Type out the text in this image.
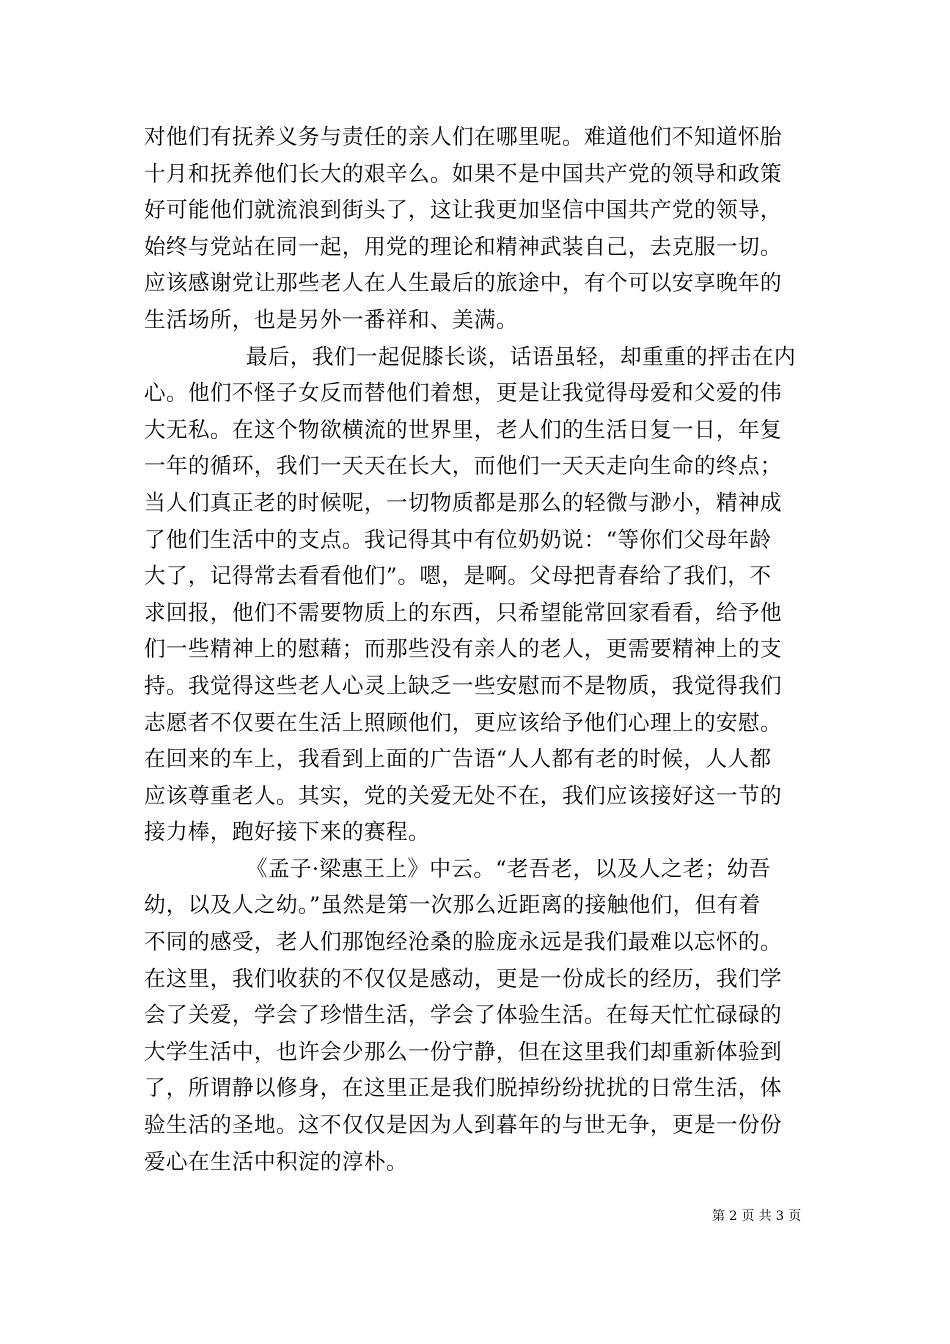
对他们有抚养义务与责任的亲人们在哪里呢。难道他们不知道怀胎
十月和抚养他们长大的艰辛么。如果不是中国共产党的领导和政策
好可能他们就流浪到街头了，这让我更加坚信中国共产党的领导，
始终与党站在同一起，用党的理论和精神武装自己，去克服一切。
应该感谢党让那些老人在人生最后的旅途中，有个可以安享晚年的
生活场所，也是另外一番祥和、美满。

最后，我们一起促膝长谈，话语虽轻，却重重的抨击在内
心。他们不怪子女反而替他们着想，更是让我觉得母爱和父爱的伟
大无私。在这个物欲横流的世界里，老人们的生活日复一日，年复
一年的循环，我们一天天在长大，而他们一天天走向生命的终点；
当人们真正老的时候呢，一切物质都是那么的轻微与渺小，精神成
了他们生活中的支点。我记得其中有位奶奶说：“等你们父母年龄
大了，记得常去看看他们”。嗯，是啊。父母把青春给了我们，不
求回报，他们不需要物质上的东西，只希望能常回家看看，给予他
们一些精神上的慰藉；而那些没有亲人的老人，更需要精神上的支
持。我觉得这些老人心灵上缺乏一些安慰而不是物质，我觉得我们
志愿者不仅要在生活上照顾他们，更应该给予他们心理上的安慰。
在回来的车上，我看到上面的广告语“人人都有老的时候，人人都
应该尊重老人。其实，党的关爱无处不在，我们应该接好这一节的
接力棒，跑好接下来的赛程。

《孟子·梁惠王上》中云。“老吾老，以及人之老；幼吾
幼，以及人之幼。”虽然是第一次那么近距离的接触他们，但有着
不同的感受，老人们那饱经沧桑的脸庞永远是我们最难以忘怀的。
在这里，我们收获的不仅仅是感动，更是一份成长的经历，我们学
会了关爱，学会了珍惜生活，学会了体验生活。在每天忙忙碌碌的
大学生活中，也许会少那么一份宁静，但在这里我们却重新体验到
了，所谓静以修身，在这里正是我们脱掉纷纷扰扰的日常生活，体
验生活的圣地。这不仅仅是因为人到暮年的与世无争，更是一份份
爱心在生活中积淀的淳朴。

第 2 页 共 3 页
